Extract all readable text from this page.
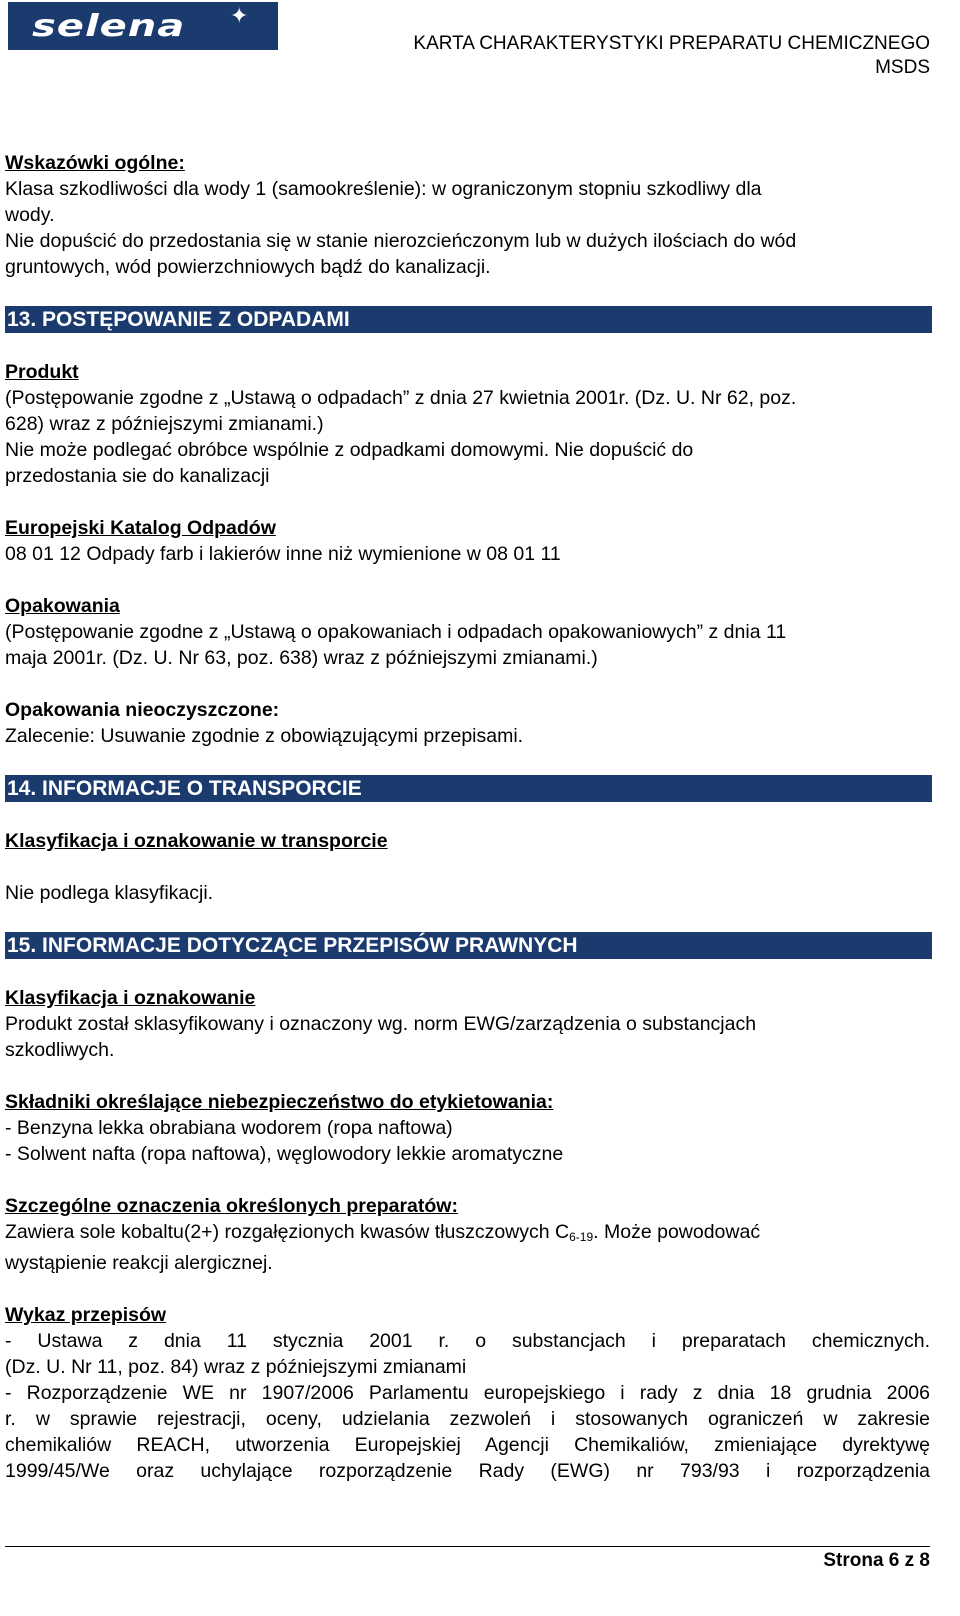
selena ✦
KARTA CHARAKTERYSTYKI PREPARATU CHEMICZNEGO
MSDS

Wskazówki ogólne:

Klasa szkodliwości dla wody 1 (samookreślenie): w ograniczonym stopniu szkodliwy dla

wody.

Nie dopuścić do przedostania się w stanie nierozcieńczonym lub w dużych ilościach do wód

gruntowych, wód powierzchniowych bądź do kanalizacji.

13. POSTĘPOWANIE Z ODPADAMI

Produkt

(Postępowanie zgodne z „Ustawą o odpadach” z dnia 27 kwietnia 2001r. (Dz. U. Nr 62, poz.

628) wraz z późniejszymi zmianami.)

Nie może podlegać obróbce wspólnie z odpadkami domowymi. Nie dopuścić do

przedostania sie do kanalizacji

Europejski Katalog Odpadów

08 01 12 Odpady farb i lakierów inne niż wymienione w 08 01 11

Opakowania

(Postępowanie zgodne z „Ustawą o opakowaniach i odpadach opakowaniowych” z dnia 11

maja 2001r. (Dz. U. Nr 63, poz. 638) wraz z późniejszymi zmianami.)

Opakowania nieoczyszczone:

Zalecenie: Usuwanie zgodnie z obowiązującymi przepisami.

14. INFORMACJE O TRANSPORCIE

Klasyfikacja i oznakowanie w transporcie

Nie podlega klasyfikacji.

15. INFORMACJE DOTYCZĄCE PRZEPISÓW PRAWNYCH

Klasyfikacja i oznakowanie

Produkt został sklasyfikowany i oznaczony wg. norm EWG/zarządzenia o substancjach

szkodliwych.

Składniki określające niebezpieczeństwo do etykietowania:

- Benzyna lekka obrabiana wodorem (ropa naftowa)

- Solwent nafta (ropa naftowa), węglowodory lekkie aromatyczne

Szczególne oznaczenia określonych preparatów:

Zawiera sole kobaltu(2+) rozgałęzionych kwasów tłuszczowych $C_{6-19}$. Może powodować

wystąpienie reakcji alergicznej.

Wykaz przepisów

- Ustawa z dnia 11 stycznia 2001 r. o substancjach i preparatach chemicznych.

(Dz. U. Nr 11, poz. 84) wraz z późniejszymi zmianami

- Rozporządzenie WE nr 1907/2006 Parlamentu europejskiego i rady z dnia 18 grudnia 2006

r. w sprawie rejestracji, oceny, udzielania zezwoleń i stosowanych ograniczeń w zakresie

chemikaliów REACH, utworzenia Europejskiej Agencji Chemikaliów, zmieniające dyrektywę

1999/45/We oraz uchylające rozporządzenie Rady (EWG) nr 793/93 i rozporządzenia

Strona 6 z 8
